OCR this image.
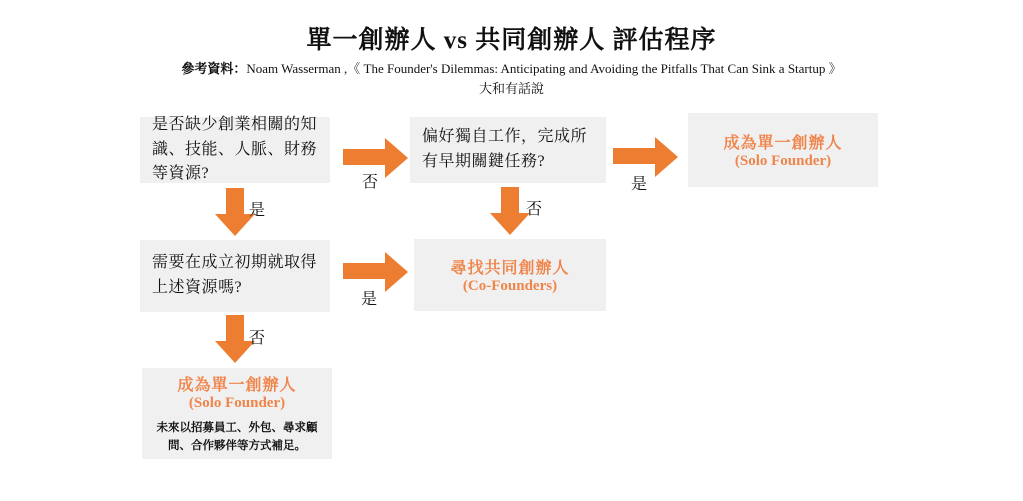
單一創辦人 vs 共同創辦人 評估程序
參考資料：Noam Wasserman ,《 The Founder's Dilemmas: Anticipating and Avoiding the Pitfalls That Can Sink a Startup 》
大和有話說
是否缺少創業相關的知識、技能、人脈、財務等資源?
偏好獨自工作，完成所有早期關鍵任務?
需要在成立初期就取得上述資源嗎?
成為單一創辦人
(Solo Founder)
尋找共同創辦人
(Co-Founders)
成為單一創辦人
(Solo Founder)
未來以招募員工、外包、尋求顧問、合作夥伴等方式補足。
否
是
是
否
是
否
